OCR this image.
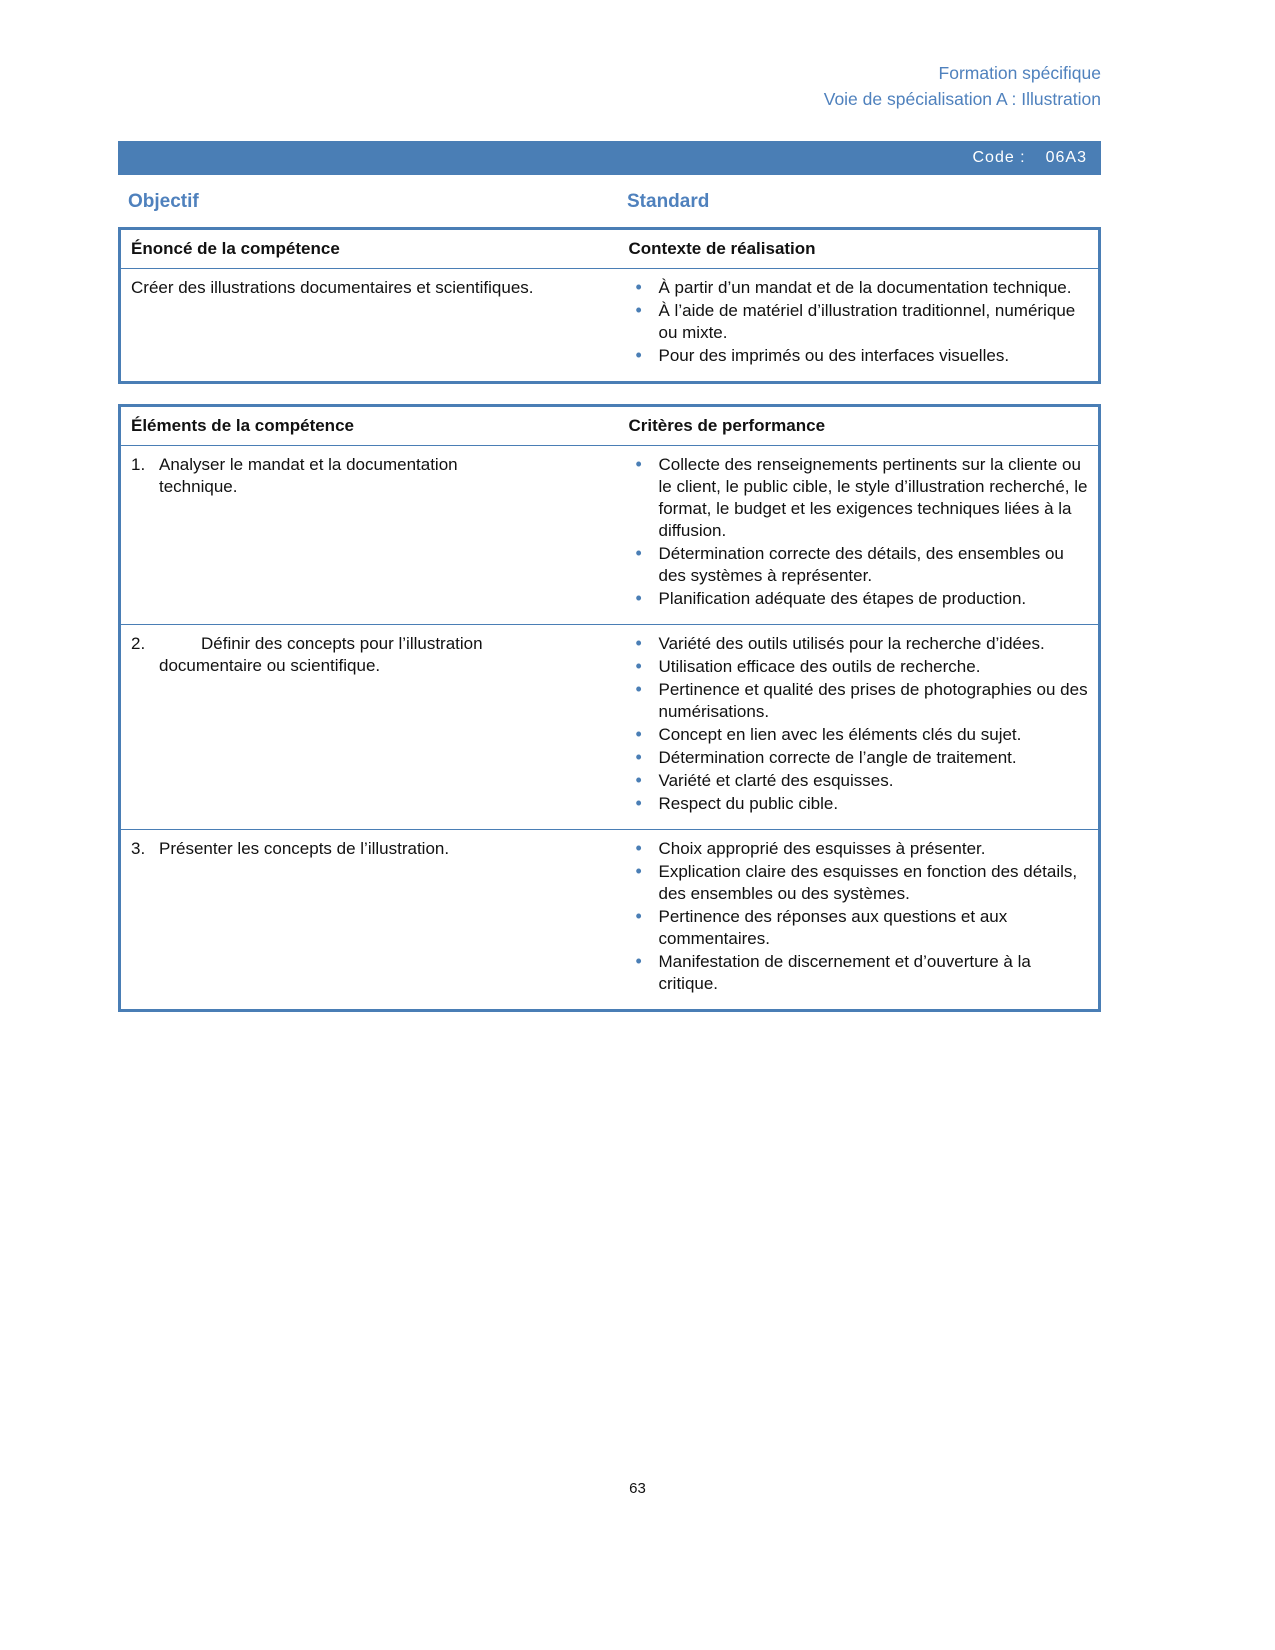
Formation spécifique
Voie de spécialisation A : Illustration
Code : 06A3
Objectif	Standard
Énoncé de la compétence	Contexte de réalisation
Créer des illustrations documentaires et scientifiques.	
•À partir d’un mandat et de la documentation technique.
• À l’aide de matériel d’illustration traditionnel, numérique ou mixte.
• Pour des imprimés ou des interfaces visuelles.
Éléments de la compétence	Critères de performance

1. Analyser le mandat et la documentation technique.

• Collecte des renseignements pertinents sur la cliente ou le client, le public cible, le style d’illustration recherché, le format, le budget et les exigences techniques liées à la diffusion.
• Détermination correcte des détails, des ensembles ou des systèmes à représenter.
• Planification adéquate des étapes de production.

2.	Définir des concepts pour l’illustration documentaire ou scientifique.

• Variété des outils utilisés pour la recherche d’idées.
• Utilisation efficace des outils de recherche.
• Pertinence et qualité des prises de photographies ou des numérisations.
• Concept en lien avec les éléments clés du sujet.
• Détermination correcte de l’angle de traitement.
• Variété et clarté des esquisses.
• Respect du public cible.

3. Présenter les concepts de l’illustration.

•Choix approprié des esquisses à présenter.
• Explication claire des esquisses en fonction des détails, des ensembles ou des systèmes.
• Pertinence des réponses aux questions et aux commentaires.
• Manifestation de discernement et d’ouverture à la critique.
63
